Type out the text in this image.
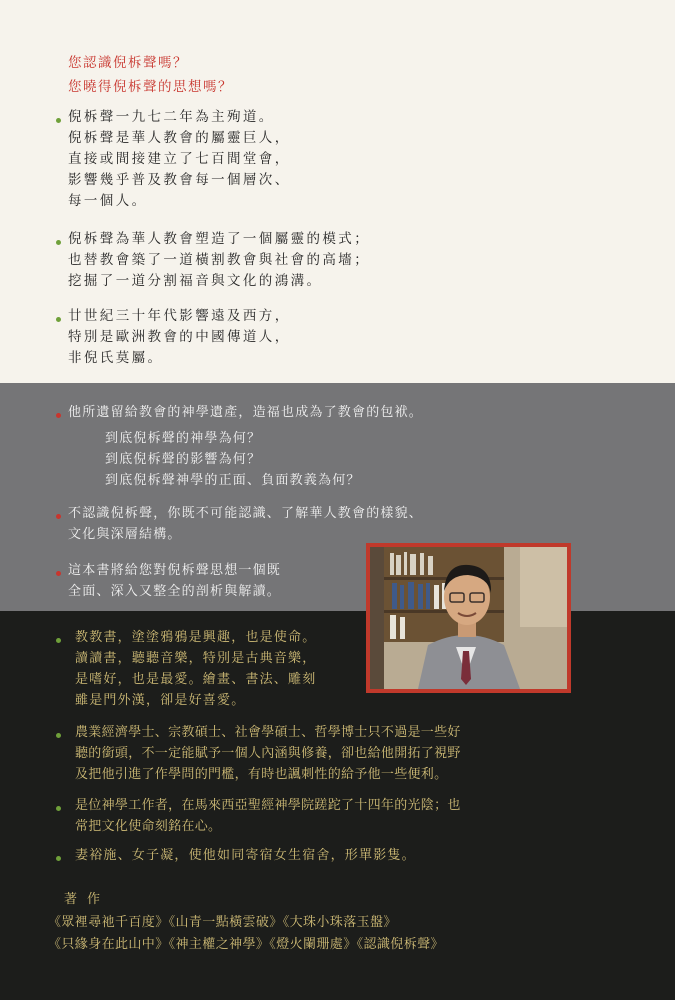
您認識倪柝聲嗎？
您曉得倪柝聲的思想嗎？
倪柝聲一九七二年為主殉道。
倪柝聲是華人教會的屬靈巨人，
直接或間接建立了七百間堂會，
影響幾乎普及教會每一個層次、
每一個人。
倪柝聲為華人教會塑造了一個屬靈的模式；
也替教會築了一道橫割教會與社會的高墻；
挖掘了一道分割福音與文化的鴻溝。
廿世紀三十年代影響遠及西方，
特別是歐洲教會的中國傳道人，
非倪氏莫屬。
他所遺留給教會的神學遺產，造福也成為了教會的包袱。
到底倪柝聲的神學為何？
到底倪柝聲的影響為何？
到底倪柝聲神學的正面、負面教義為何？
不認識倪柝聲，你既不可能認識、了解華人教會的樣貌、
文化與深層結構。
這本書將給您對倪柝聲思想一個既
全面、深入又整全的剖析與解讀。
教教書，塗塗鴉鴉是興趣，也是使命。
讀讀書，聽聽音樂，特別是古典音樂，
是嗜好，也是最愛。繪畫、書法、雕刻
雖是門外漢，卻是好喜愛。
農業經濟學士、宗教碩士、社會學碩士、哲學博士只不過是一些好
聽的銜頭，不一定能賦予一個人內涵與修養，卻也給他開拓了視野
及把他引進了作學問的門檻，有時也諷刺性的給予他一些便利。
是位神學工作者，在馬來西亞聖經神學院蹉跎了十四年的光陰；也
常把文化使命刻銘在心。
妻裕施、女子凝，使他如同寄宿女生宿舍，形單影隻。
著作
《眾裡尋祂千百度》《山青一點橫雲破》《大珠小珠落玉盤》
《只緣身在此山中》《神主權之神學》《燈火闌珊處》《認識倪柝聲》
